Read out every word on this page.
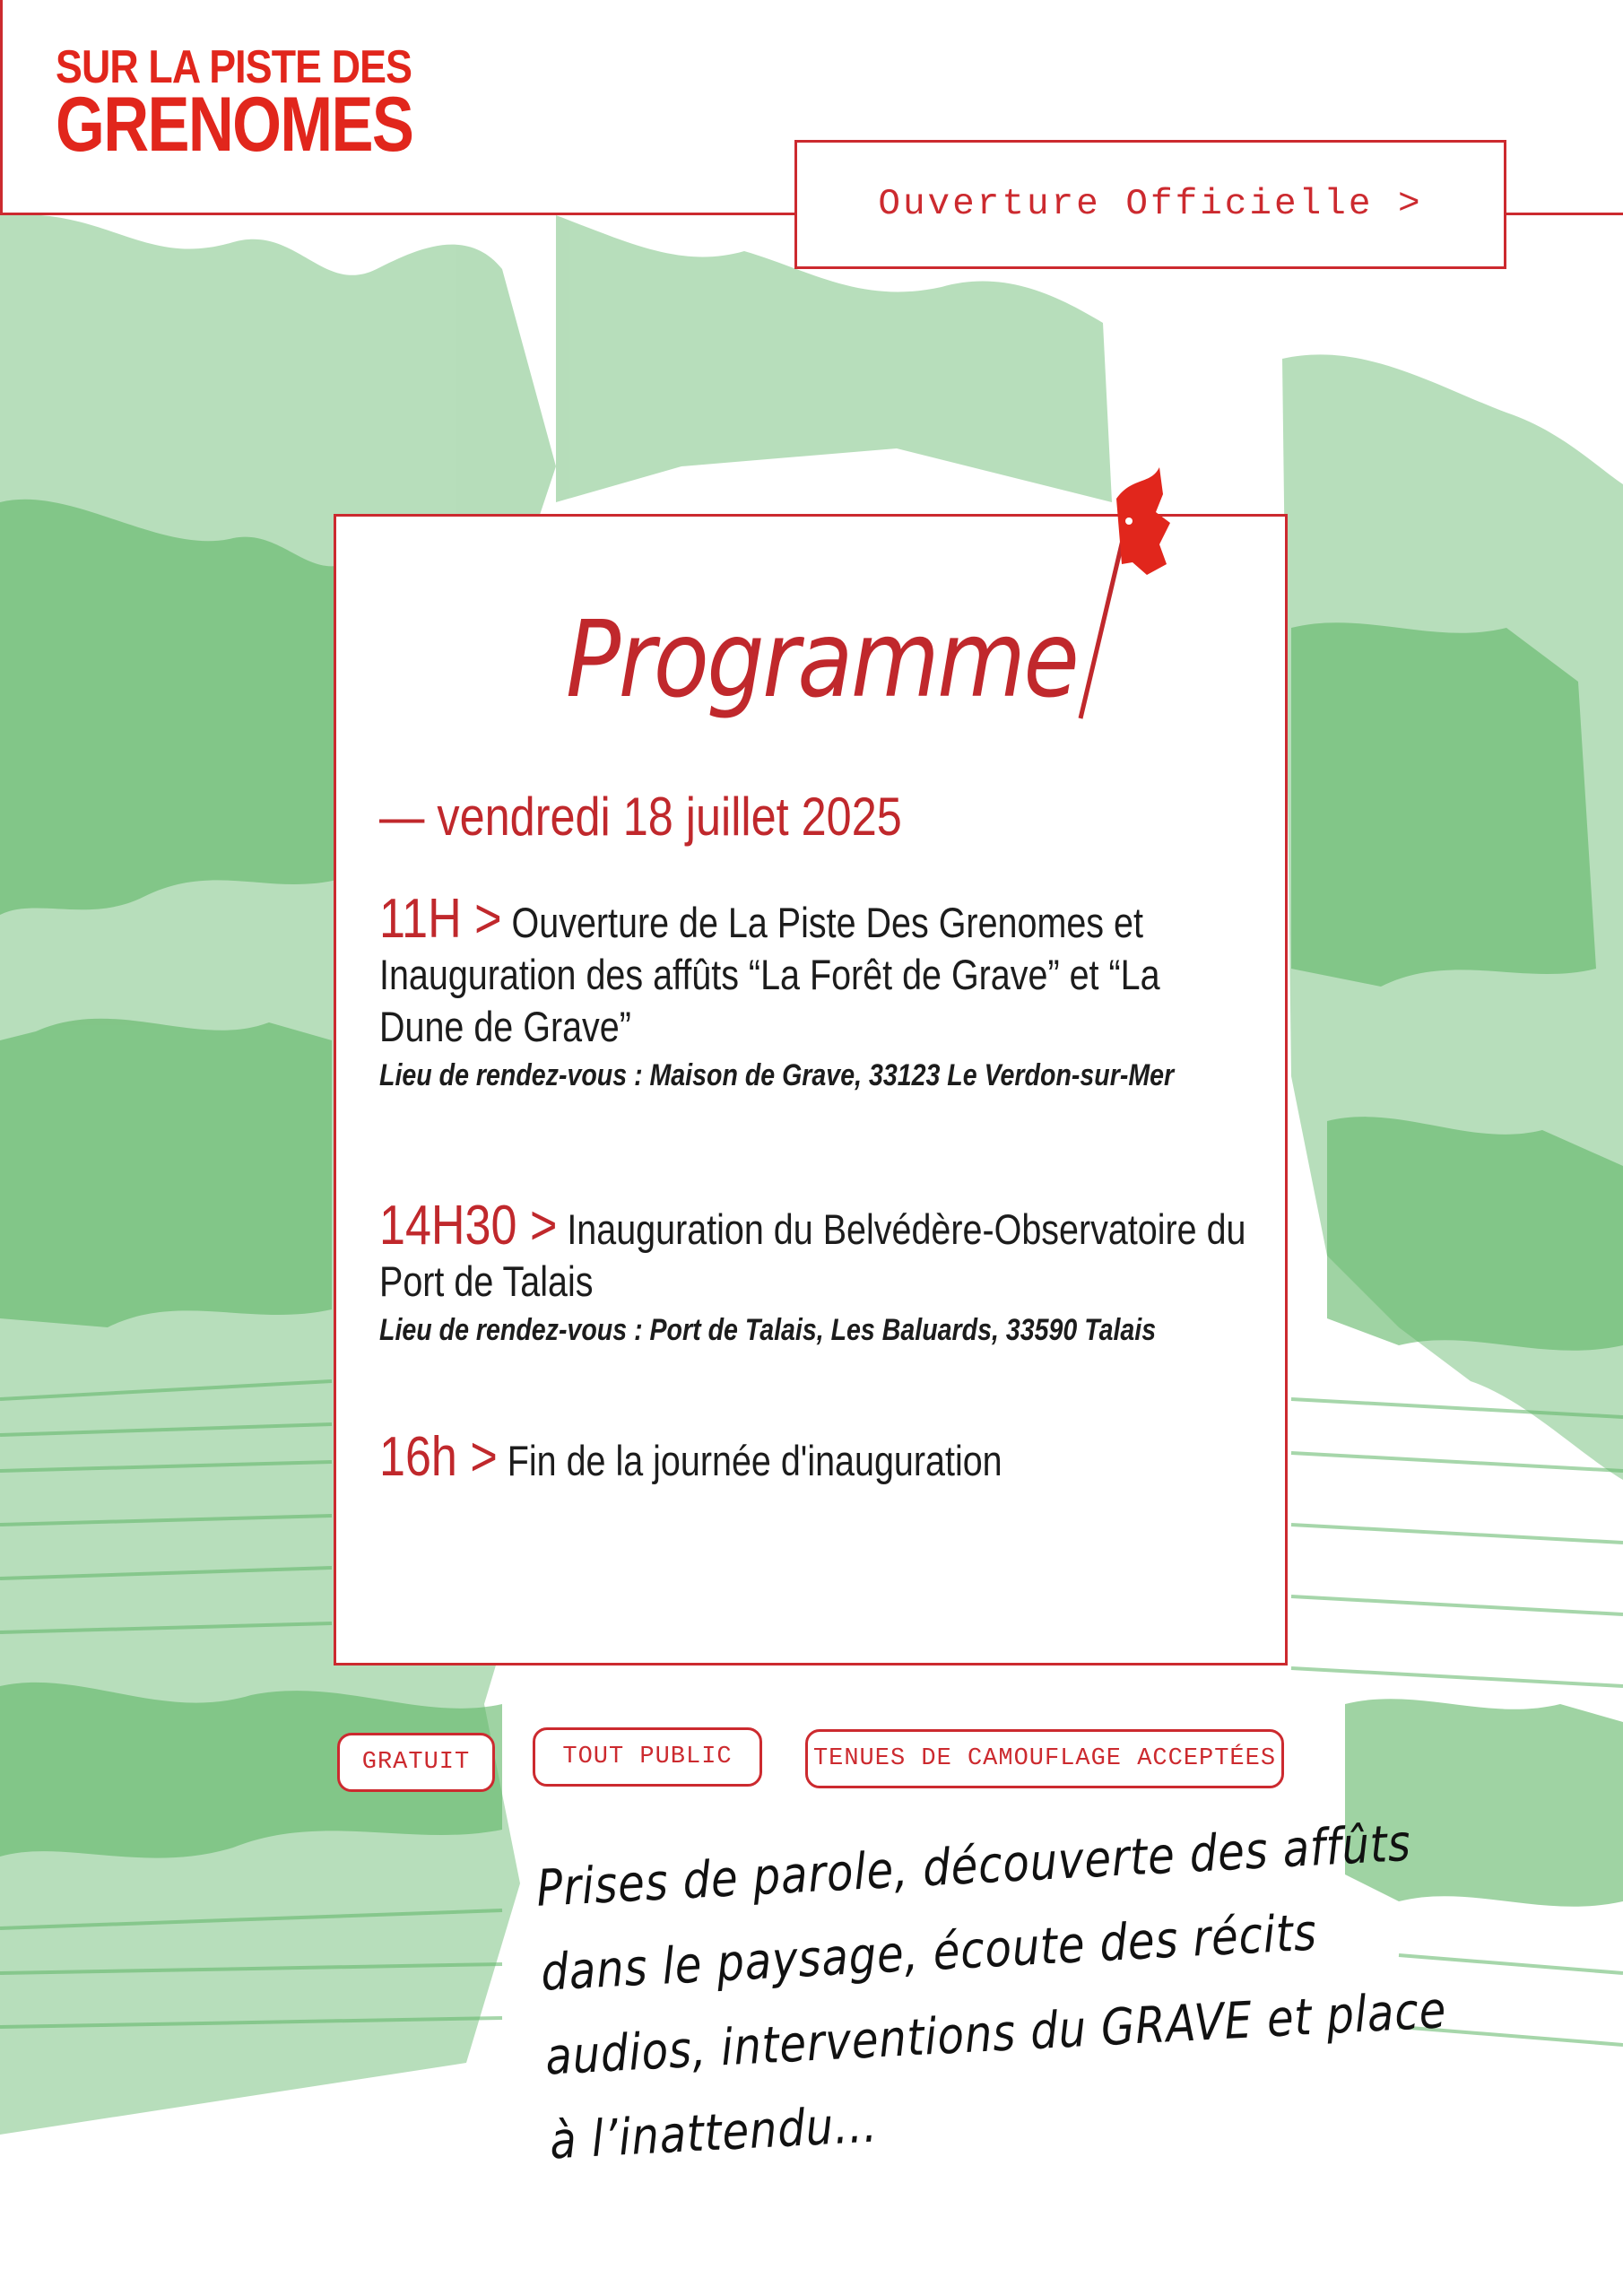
SUR LA PISTE DES
GRENOMES
Ouverture Officielle >
Programme
— vendredi 18 juillet 2025
11H > Ouverture de La Piste Des Grenomes et Inauguration des affûts “La Forêt de Grave” et “La Dune de Grave”
Lieu de rendez-vous : Maison de Grave, 33123 Le Verdon-sur-Mer
14H30 > Inauguration du Belvédère-Observatoire du Port de Talais
Lieu de rendez-vous : Port de Talais, Les Baluards, 33590 Talais
16h > Fin de la journée d'inauguration
GRATUIT	TOUT PUBLIC	TENUES DE CAMOUFLAGE ACCEPTÉES
Prises de parole, découverte des affûts
dans le paysage, écoute des récits
audios, interventions du GRAVE et place
à l’inattendu…
